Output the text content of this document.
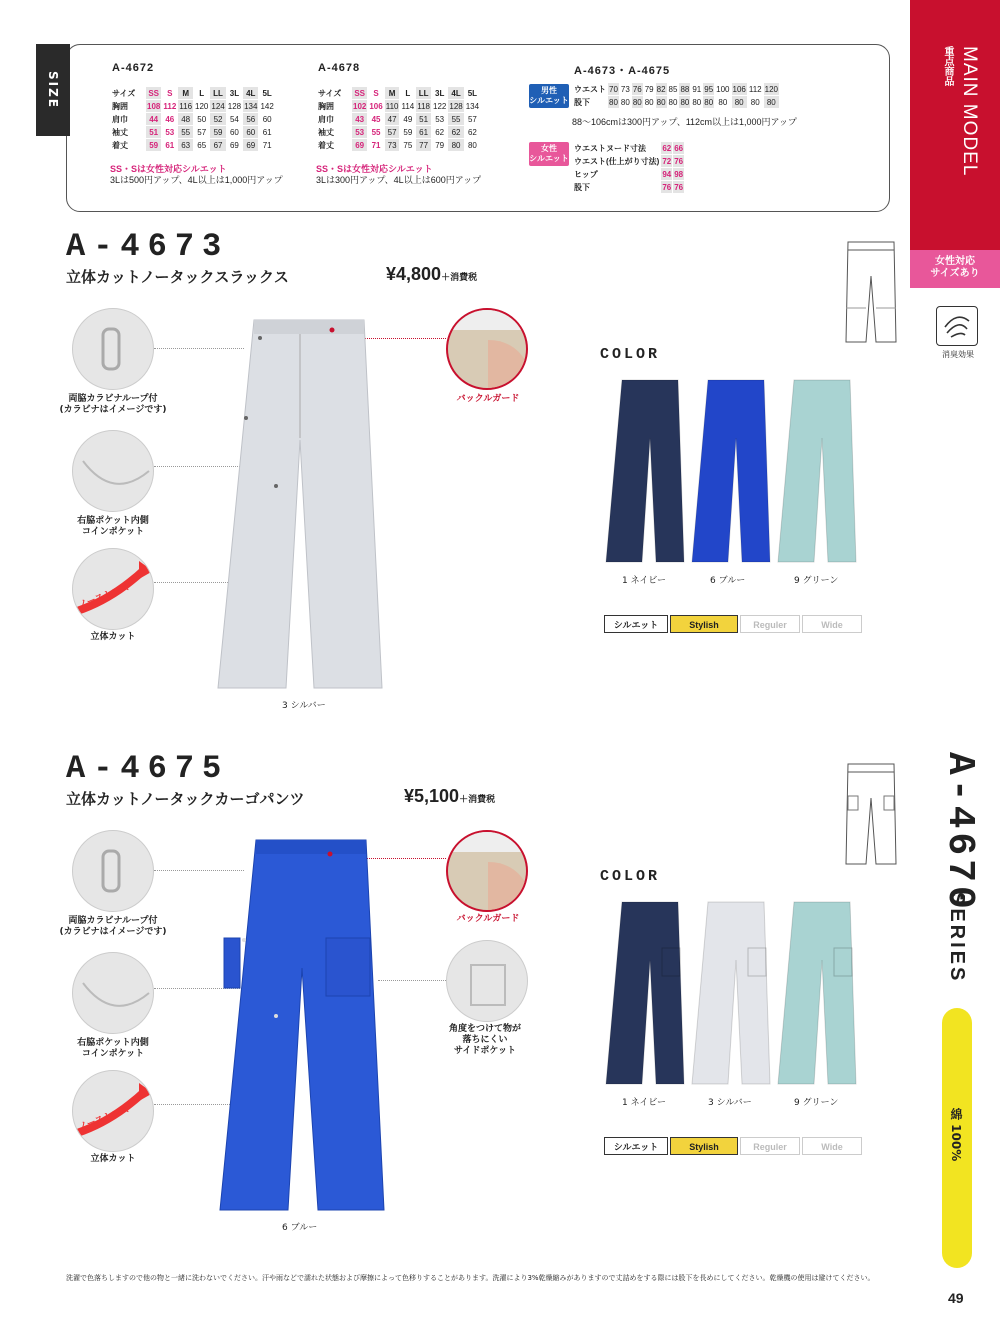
SIZE
A-4672
サイズ	SS	S	M	L	LL	3L	4L	5L
胸囲	108	112	116	120	124	128	134	142
肩巾	44	46	48	50	52	54	56	60
袖丈	51	53	55	57	59	60	60	61
着丈	59	61	63	65	67	69	69	71
SS・Sは女性対応シルエット
3Lは500円アップ、4L以上は1,000円アップ
A-4678
サイズ	SS	S	M	L	LL	3L	4L	5L
胸囲	102	106	110	114	118	122	128	134
肩巾	43	45	47	49	51	53	55	57
袖丈	53	55	57	59	61	62	62	62
着丈	69	71	73	75	77	79	80	80
SS・Sは女性対応シルエット
3Lは300円アップ、4L以上は600円アップ
A-4673・A-4675
男性
シルエット
ウエスト	70	73	76	79	82	85	88	91	95	100	106	112	120
股下	80	80	80	80	80	80	80	80	80	80	80	80	80
88～106cmは300円アップ、112cm以上は1,000円アップ
女性
シルエット
ウエストヌード寸法	62	66
ウエスト(仕上がり寸法)	72	76
ヒップ	94	98
股下	76	76
MAIN MODEL
重点商品
女性対応
サイズあり
消臭効果
A-4670
SERIES
綿 100%
49
A-4673
立体カットノータックスラックス	¥4,800＋消費税
両脇カラビナループ付
(カラビナはイメージです)
右脇ポケット内側
コインポケット
ノーストレス
立体カット
バックルガード
3 シルバー
COLOR
1 ネイビー	6 ブルー	9 グリーン
シルエット	Stylish	Reguler	Wide
A-4675
立体カットノータックカーゴパンツ	¥5,100＋消費税
両脇カラビナループ付
(カラビナはイメージです)
右脇ポケット内側
コインポケット
ノーストレス
立体カット
バックルガード
角度をつけて物が
落ちにくい
サイドポケット
6 ブルー
COLOR
1 ネイビー	3 シルバー	9 グリーン
シルエット	Stylish	Reguler	Wide
洗濯で色落ちしますので他の物と一緒に洗わないでください。汗や雨などで濡れた状態および摩擦によって色移りすることがあります。洗濯により3%乾燥縮みがありますので丈詰めをする際には股下を長めにしてください。乾燥機の使用は避けてください。
